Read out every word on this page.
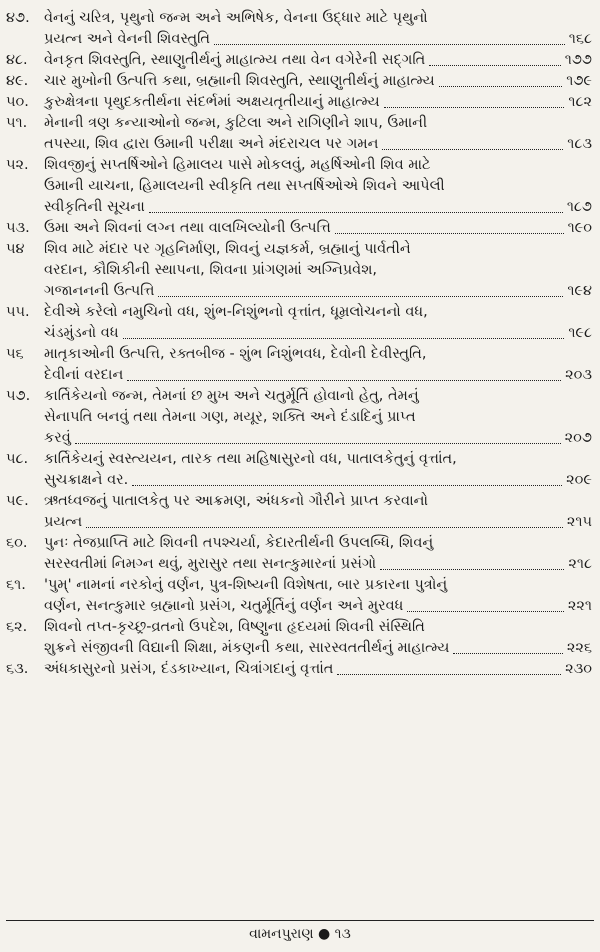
૪૭. વેનનું ચરિત્ર, પૃથુનો જન્મ અને અભિષેક, વેનના ઉદ્ધાર માટે પૃથુનો
પ્રયત્ન અને વેનની શિવસ્તુતિ	૧૬૮
૪૮.	વેનકૃત શિવસ્તુતિ, સ્થાણુતીર્થનું માહાત્મ્ય તથા વેન વગેરેની સદ્‌ગતિ	૧૭૭
૪૯.	ચાર મુખોની ઉત્પત્તિ કથા, બ્રહ્માની શિવસ્તુતિ, સ્થાણુતીર્થનું માહાત્મ્ય	૧૭૯
૫૦.	કુરુક્ષેત્રના પૃથુદકતીર્થના સંદર્ભમાં અક્ષયતૃતીયાનું માહાત્મ્ય	૧૮૨
૫૧.	મેનાની ત્રણ કન્યાઓનો જન્મ, કુટિલા અને રાગિણીને શાપ, ઉમાની
તપસ્યા, શિવ દ્વારા ઉમાની પરીક્ષા અને મંદરાચલ પર ગમન	૧૮૩
૫૨.	શિવજીનું સપ્તર્ષિઓને હિમાલય પાસે મોકલવું, મહર્ષિઓની શિવ માટે
ઉમાની યાચના, હિમાલયની સ્વીકૃતિ તથા સપ્તર્ષિઓએ શિવને આપેલી
સ્વીકૃતિની સૂચના	૧૮૭
૫૩. ઉમા અને શિવનાં લગ્ન તથા વાલખિલ્યોની ઉત્પત્તિ	૧૯૦
૫૪	શિવ માટે મંદાર પર ગૃહનિર્માણ, શિવનું યજ્ઞકર્મ, બ્રહ્માનું પાર્વતીને
વરદાન, કૌશિકીની સ્થાપના, શિવના પ્રાંગણમાં અગ્નિપ્રવેશ,
ગજાનનની ઉત્પત્તિ	૧૯૪
૫૫. દેવીએ કરેલો નમુચિનો વધ, શુંભ-નિશુંભનો વૃત્તાંત, ધૂમ્રલોચનનો વધ,
ચંડમુંડનો વધ	૧૯૮
૫૬	માતૃકાઓની ઉત્પત્તિ, રક્તબીજ - શુંભ નિશુંભવધ, દેવોની દેવીસ્તુતિ,
દેવીનાં વરદાન	૨૦૩
૫૭. કાર્તિકેયનો જન્મ, તેમનાં છ મુખ અને ચતુર્મૂર્તિ હોવાનો હેતુ, તેમનું
સેનાપતિ બનવું તથા તેમના ગણ, મયૂર, શક્તિ અને દંડાદિનું પ્રાપ્ત
કરવું	૨૦૭
૫૮.	કાર્તિકેયનું સ્વસ્ત્યયન, તારક તથા મહિષાસુરનો વધ, પાતાલકેતુનું વૃત્તાંત,
સુચક્રાક્ષને વર.	૨૦૯
૫૯.	ઋતધ્વજનું પાતાલકેતુ પર આક્રમણ, અંધકનો ગૌરીને પ્રાપ્ત કરવાનો
પ્રયત્ન	૨૧૫
૬૦.	પુનઃ તેજપ્રાપ્તિ માટે શિવની તપશ્ચર્યા, કેદારતીર્થની ઉપલબ્ધિ, શિવનું
સરસ્વતીમાં નિમગ્ન થવું, મુરાસુર તથા સનત્કુમારનાં પ્રસંગો	૨૧૮
૬૧.	'પુમ્' નામનાં નરકોનું વર્ણન, પુત્ર-શિષ્યની વિશેષતા, બાર પ્રકારના પુત્રોનું
વર્ણન, સનત્કુમાર બ્રહ્માનો પ્રસંગ, ચતુર્મૂર્તિનું વર્ણન અને મુરવધ	૨૨૧
૬૨.	શિવનો તપ્ત-કૃચ્છ્ર-વ્રતનો ઉપદેશ, વિષ્ણુના હૃદયમાં શિવની સંસ્થિતિ
શુક્રને સંજીવની વિદ્યાની શિક્ષા, મંકણની કથા, સારસ્વતતીર્થનું માહાત્મ્ય	૨૨૬
૬૩.	અંધકાસુરનો પ્રસંગ, દંડકાખ્યાન, ચિત્રાંગદાનું વૃત્તાંત	૨૩૦
વામનપુરાણ ● ૧૩
